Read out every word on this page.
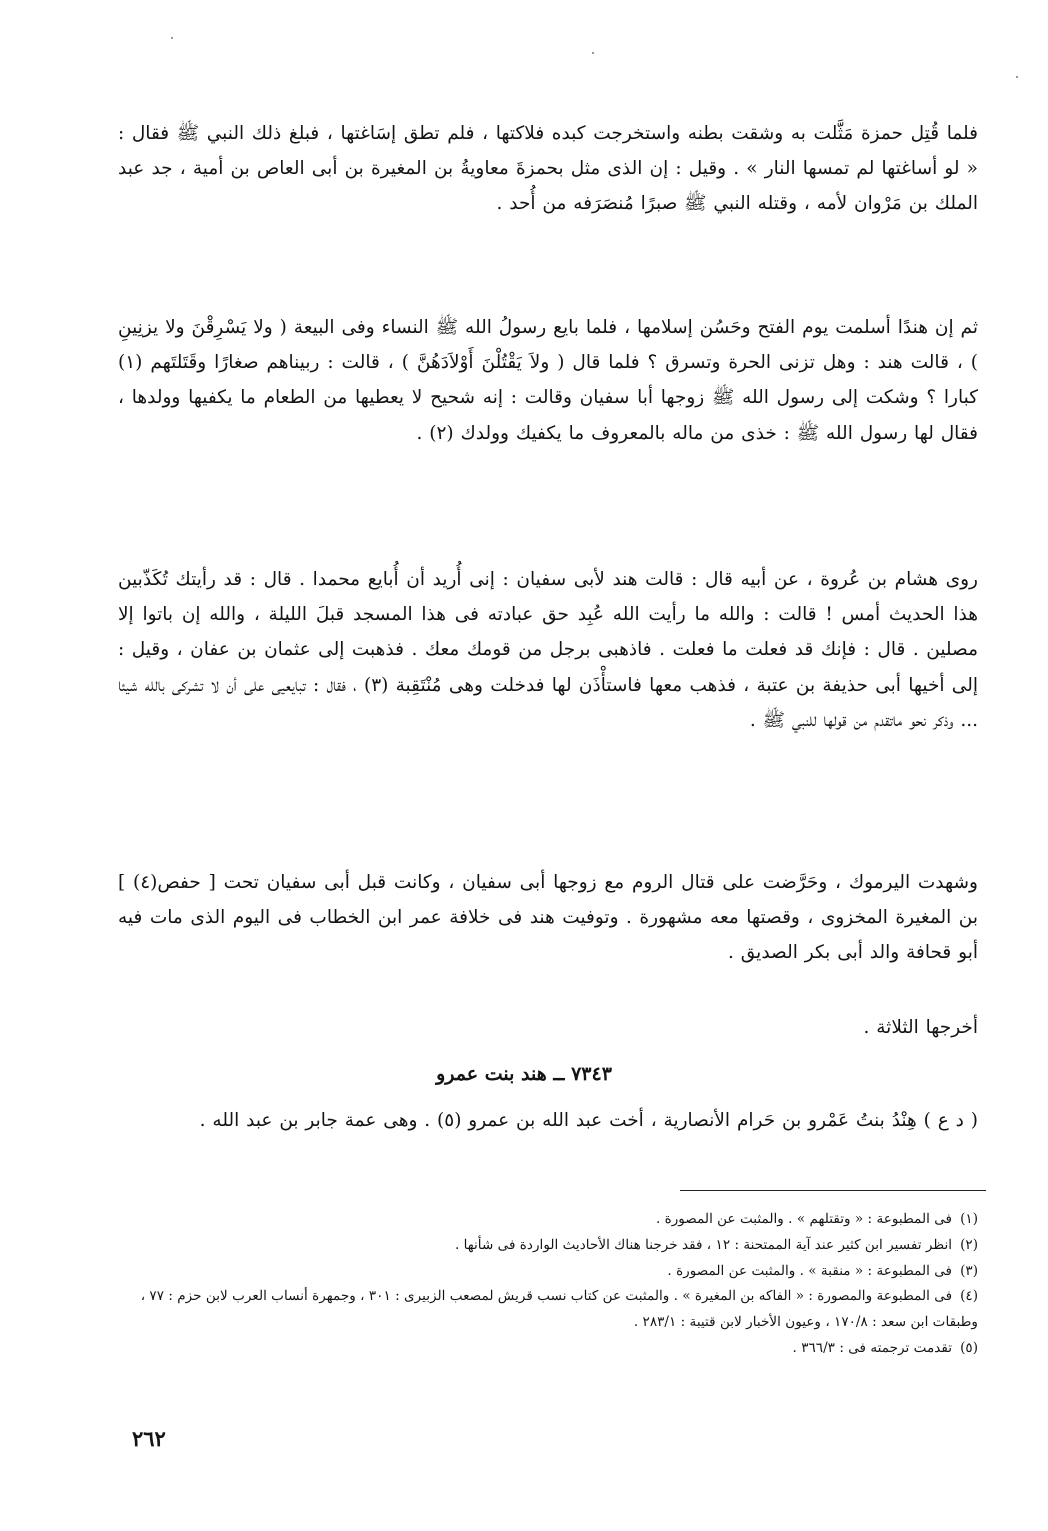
فلما قُتِل حمزة مَثَّلت به وشقت بطنه واستخرجت كبده فلاكتها ، فلم تطق إسَاغتها ، فبلغ ذلك النبي ﷺ فقال : « لو أساغتها لم تمسها النار » . وقيل : إن الذى مثل بحمزةَ معاويةُ بن المغيرة بن أبى العاص بن أمية ، جد عبد الملك بن مَرْوان لأمه ، وقتله النبي ﷺ صبرًا مُنصَرَفه من أُحد .

ثم إن هندًا أسلمت يوم الفتح وحَسُن إسلامها ، فلما بايع رسولُ الله ﷺ النساء وفى البيعة ( ولا يَسْرِقْنَ ولا يزنِينِ ) ، قالت هند : وهل تزنى الحرة وتسرق ؟ فلما قال ( ولاَ يَقْتُلْنَ أَوْلاَدَهُنَّ ) ، قالت : ربيناهم صغارًا وقَتَلتَهم (١) كبارا ؟ وشكت إلى رسول الله ﷺ زوجها أبا سفيان وقالت : إنه شحيح لا يعطيها من الطعام ما يكفيها وولدها ، فقال لها رسول الله ﷺ : خذى من ماله بالمعروف ما يكفيك وولدك (٢) .

روى هشام بن عُروة ، عن أبيه قال : قالت هند لأبى سفيان : إنى أُريد أن أُبايع محمدا . قال : قد رأيتك تُكَذّبين هذا الحديث أمس ! قالت : والله ما رأيت الله عُبِد حق عبادته فى هذا المسجد قبلَ الليلة ، والله إن باتوا إلا مصلين . قال : فإنك قد فعلت ما فعلت . فاذهبى برجل من قومك معك . فذهبت إلى عثمان بن عفان ، وقيل : إلى أخيها أبى حذيفة بن عتبة ، فذهب معها فاستأْذَن لها فدخلت وهى مُنْتَقِبة (٣) ، فقال : تبايعيى على أن لا تشركى بالله شيئا ... وذكر نحو ماتقدم من قولها للنبي ﷺ .

وشهدت اليرموك ، وحَرَّضت على قتال الروم مع زوجها أبى سفيان ، وكانت قبل أبى سفيان تحت [ حفص(٤) ] بن المغيرة المخزوى ، وقصتها معه مشهورة . وتوفيت هند فى خلافة عمر ابن الخطاب فى اليوم الذى مات فيه أبو قحافة والد أبى بكر الصديق .

أخرجها الثلاثة .

٧٣٤٣ ــ هند بنت عمرو

( د ع ) هِنْدُ بنتُ عَمْرو بن حَرام الأنصارية ، أخت عبد الله بن عمرو (٥) . وهى عمة جابر بن عبد الله .

(١)فى المطبوعة : « وتقتلهم » . والمثبت عن المصورة .

(٢)انظر تفسير ابن كثير عند آية الممتحنة : ١٢ ، فقد خرجنا هناك الأحاديث الواردة فى شأنها .

(٣)فى المطبوعة : « منقبة » . والمثبت عن المصورة .

(٤)فى المطبوعة والمصورة : « الفاكه بن المغيرة » . والمثبت عن كتاب نسب قريش لمصعب الزبيرى : ٣٠١ ، وجمهرة أنساب العرب لابن حزم : ٧٧ ، وطبقات ابن سعد : ١٧٠/٨ ، وعيون الأخبار لابن قتيبة : ٢٨٣/١ .

(٥)تقدمت ترجمته فى : ٣٦٦/٣ .

٢٦٢
